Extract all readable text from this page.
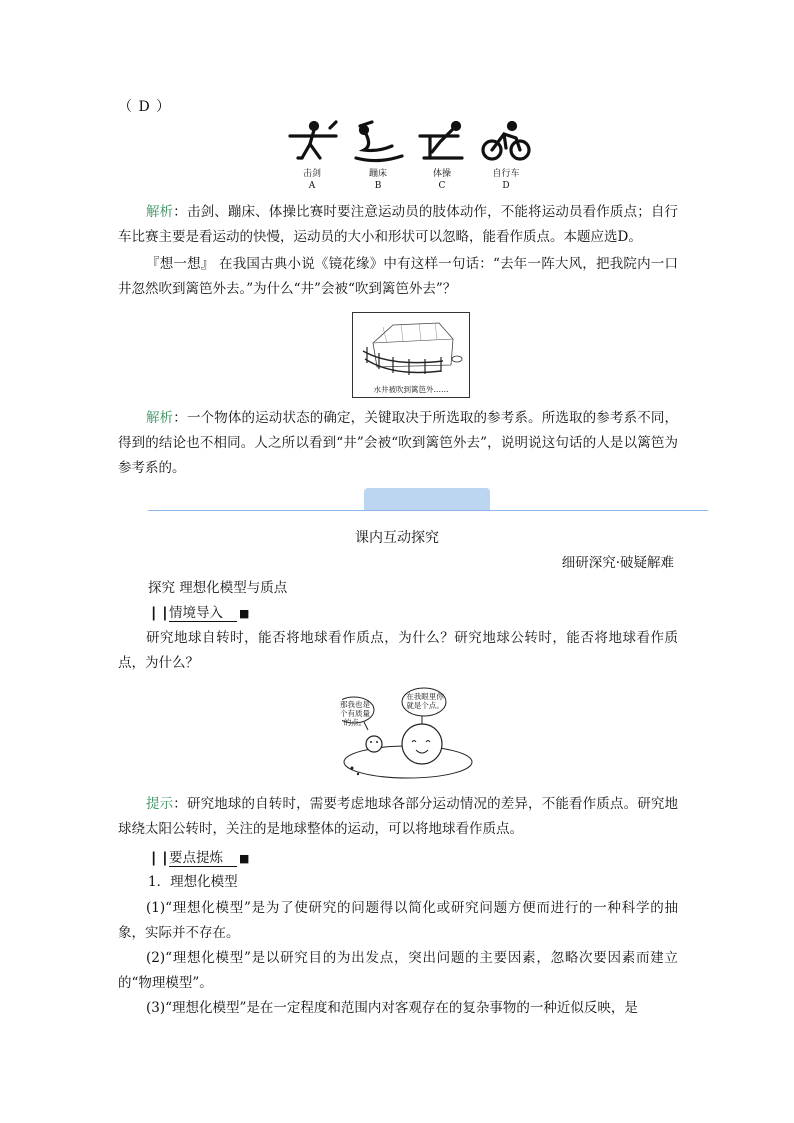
（ D ）
击剑
A
蹦床
B
体操
C
自行车
D
解析：击剑、蹦床、体操比赛时要注意运动员的肢体动作，不能将运动员看作质点；自行车比赛主要是看运动的快慢，运动员的大小和形状可以忽略，能看作质点。本题应选D。
『想一想』 在我国古典小说《镜花缘》中有这样一句话：“去年一阵大风，把我院内一口井忽然吹到篱笆外去。”为什么“井”会被“吹到篱笆外去”？
水井被吹到篱笆外……
解析：一个物体的运动状态的确定，关键取决于所选取的参考系。所选取的参考系不同，得到的结论也不相同。人之所以看到“井”会被“吹到篱笆外去”，说明说这句话的人是以篱笆为参考系的。
课内互动探究
细研深究·破疑解难
探究 理想化模型与质点
❘❘情境导入 ■
研究地球自转时，能否将地球看作质点，为什么？研究地球公转时，能否将地球看作质点，为什么？
那我也是个有质量的点。
在我眼里你就是个点。
提示：研究地球的自转时，需要考虑地球各部分运动情况的差异，不能看作质点。研究地球绕太阳公转时，关注的是地球整体的运动，可以将地球看作质点。
❘❘要点提炼 ■
1．理想化模型
(1)“理想化模型”是为了使研究的问题得以简化或研究问题方便而进行的一种科学的抽象，实际并不存在。
(2)“理想化模型”是以研究目的为出发点，突出问题的主要因素，忽略次要因素而建立的“物理模型”。
(3)“理想化模型”是在一定程度和范围内对客观存在的复杂事物的一种近似反映，是
